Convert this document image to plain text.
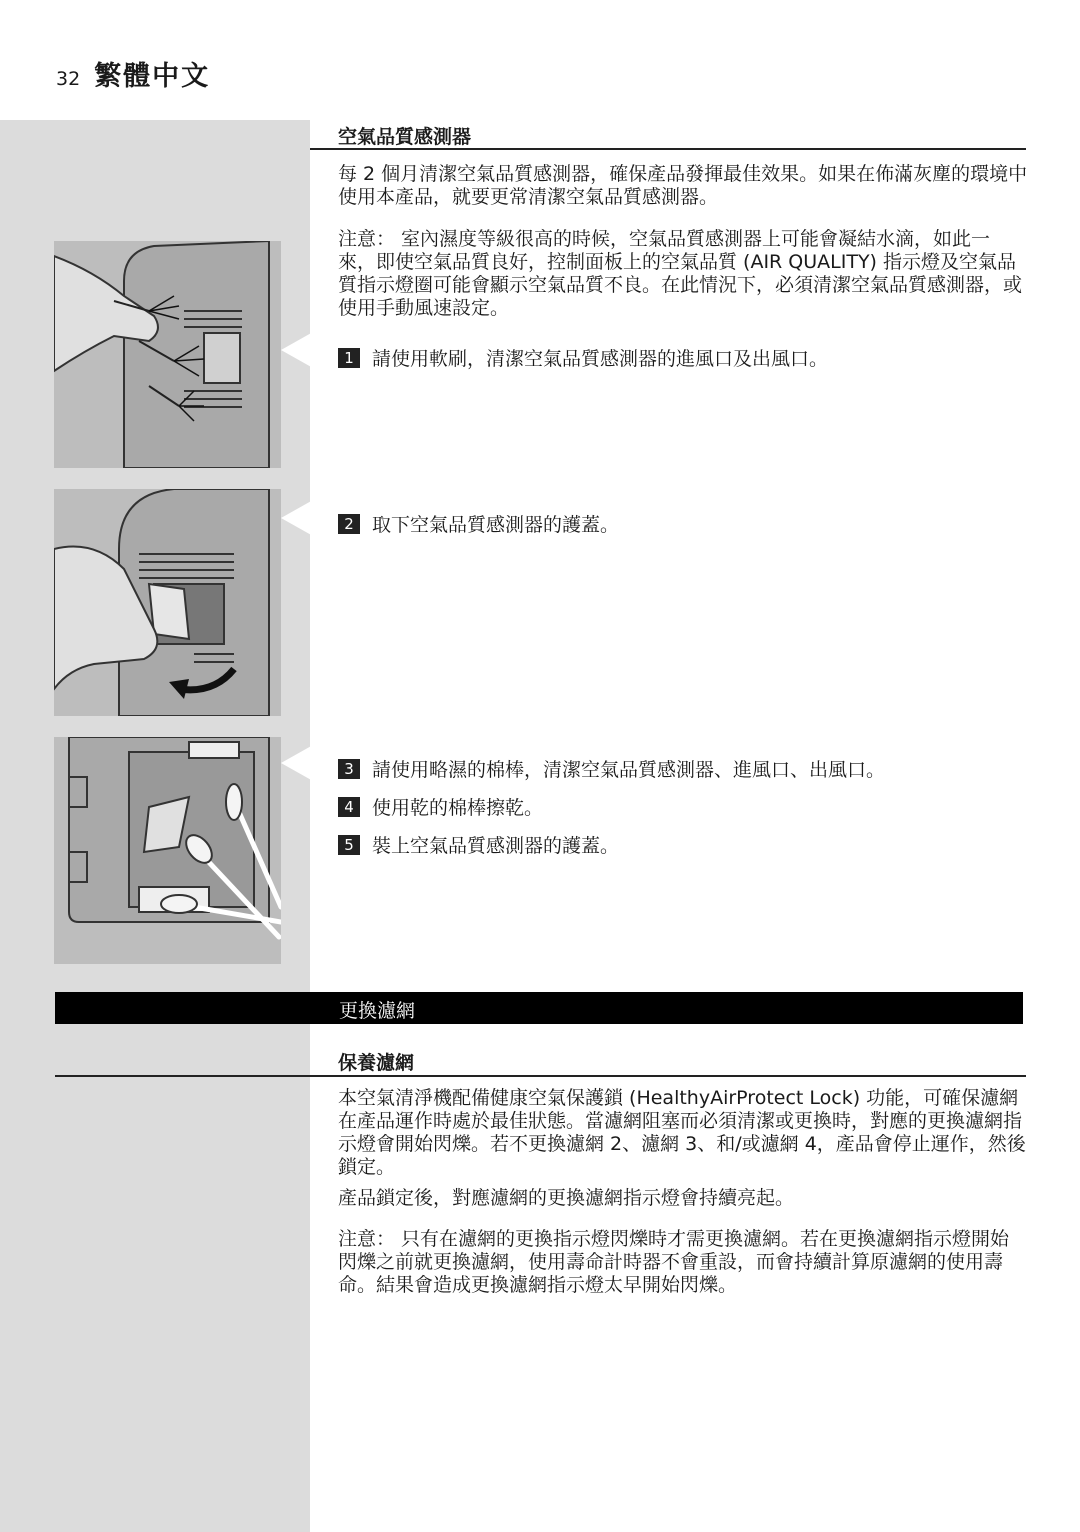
32 繁體中文
空氣品質感測器

每 2 個月清潔空氣品質感測器，確保產品發揮最佳效果。如果在佈滿灰塵的環境中使用本產品，就要更常清潔空氣品質感測器。

注意： 室內濕度等級很高的時候，空氣品質感測器上可能會凝結水滴，如此一來，即使空氣品質良好，控制面板上的空氣品質 (AIR QUALITY) 指示燈及空氣品質指示燈圈可能會顯示空氣品質不良。在此情況下，必須清潔空氣品質感測器，或使用手動風速設定。

1 請使用軟刷，清潔空氣品質感測器的進風口及出風口。
2 取下空氣品質感測器的護蓋。
3 請使用略濕的棉棒，清潔空氣品質感測器、進風口、出風口。
4 使用乾的棉棒擦乾。
5 裝上空氣品質感測器的護蓋。
更換濾網
保養濾網

本空氣清淨機配備健康空氣保護鎖 (HealthyAirProtect Lock) 功能，可確保濾網在產品運作時處於最佳狀態。當濾網阻塞而必須清潔或更換時，對應的更換濾網指示燈會開始閃爍。若不更換濾網 2、濾網 3、和/或濾網 4，產品會停止運作，然後鎖定。

產品鎖定後，對應濾網的更換濾網指示燈會持續亮起。

注意： 只有在濾網的更換指示燈閃爍時才需更換濾網。若在更換濾網指示燈開始閃爍之前就更換濾網，使用壽命計時器不會重設，而會持續計算原濾網的使用壽命。結果會造成更換濾網指示燈太早開始閃爍。
